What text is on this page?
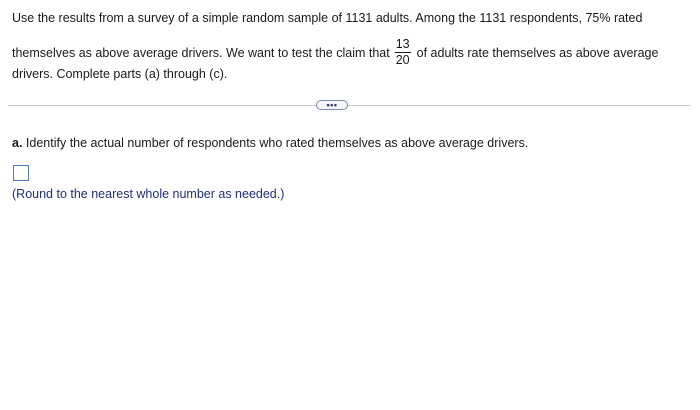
Use the results from a survey of a simple random sample of 1131 adults. Among the 1131 respondents, 75% rated
themselves as above average drivers. We want to test the claim that $\frac{13}{20}$ of adults rate themselves as above average
drivers. Complete parts (a) through (c).
•••
a. Identify the actual number of respondents who rated themselves as above average drivers.
(Round to the nearest whole number as needed.)
